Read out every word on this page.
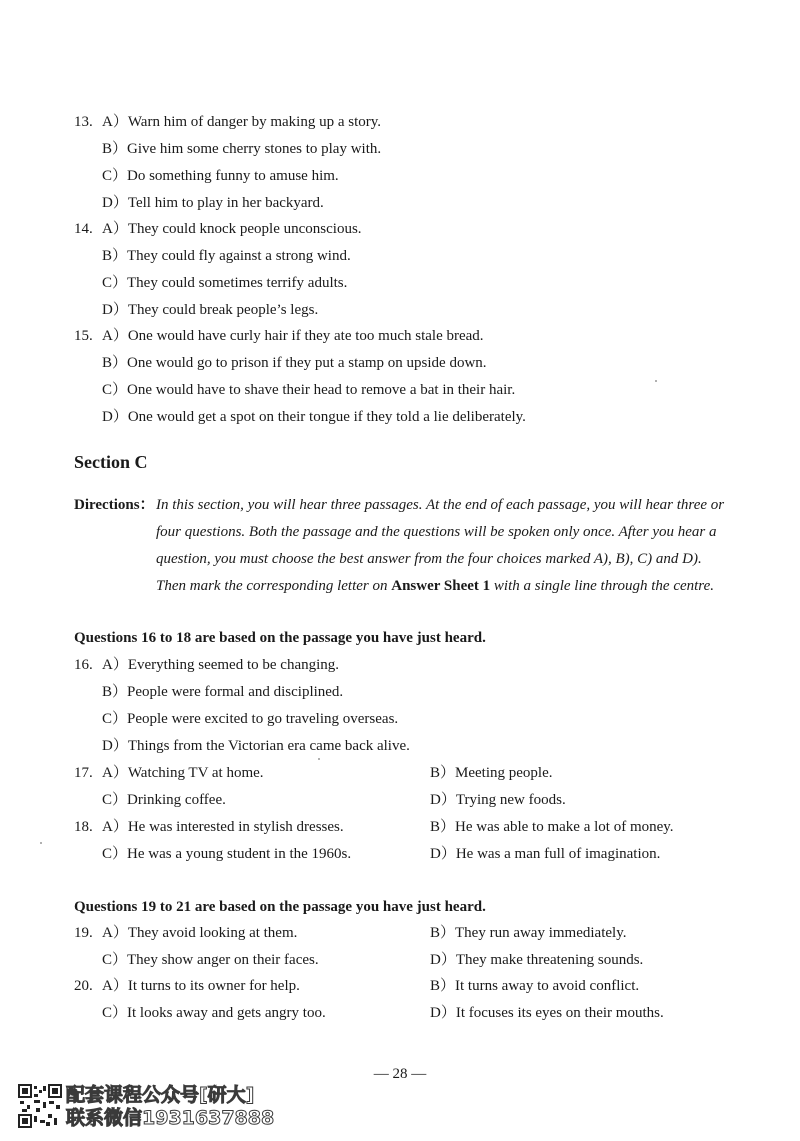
13. A）Warn him of danger by making up a story.
B）Give him some cherry stones to play with.
C）Do something funny to amuse him.
D）Tell him to play in her backyard.
14. A）They could knock people unconscious.
B）They could fly against a strong wind.
C）They could sometimes terrify adults.
D）They could break people’s legs.
15. A）One would have curly hair if they ate too much stale bread.
B）One would go to prison if they put a stamp on upside down.
C）One would have to shave their head to remove a bat in their hair.
D）One would get a spot on their tongue if they told a lie deliberately.
Section C
Directions： In this section, you will hear three passages. At the end of each passage, you will hear three or
four questions. Both the passage and the questions will be spoken only once. After you hear a
question, you must choose the best answer from the four choices marked A), B), C) and D).
Then mark the corresponding letter on Answer Sheet 1 with a single line through the centre.
Questions 16 to 18 are based on the passage you have just heard.
16. A）Everything seemed to be changing.
B）People were formal and disciplined.
C）People were excited to go traveling overseas.
D）Things from the Victorian era came back alive.
17. A）Watching TV at home.	B）Meeting people.
C）Drinking coffee.	D）Trying new foods.
18. A）He was interested in stylish dresses.	B）He was able to make a lot of money.
C）He was a young student in the 1960s.	D）He was a man full of imagination.
Questions 19 to 21 are based on the passage you have just heard.
19. A）They avoid looking at them.	B）They run away immediately.
C）They show anger on their faces.	D）They make threatening sounds.
20. A）It turns to its owner for help.	B）It turns away to avoid conflict.
C）It looks away and gets angry too.	D）It focuses its eyes on their mouths.
— 28 —
配套课程公众号[研大]
联系微信1931637888
